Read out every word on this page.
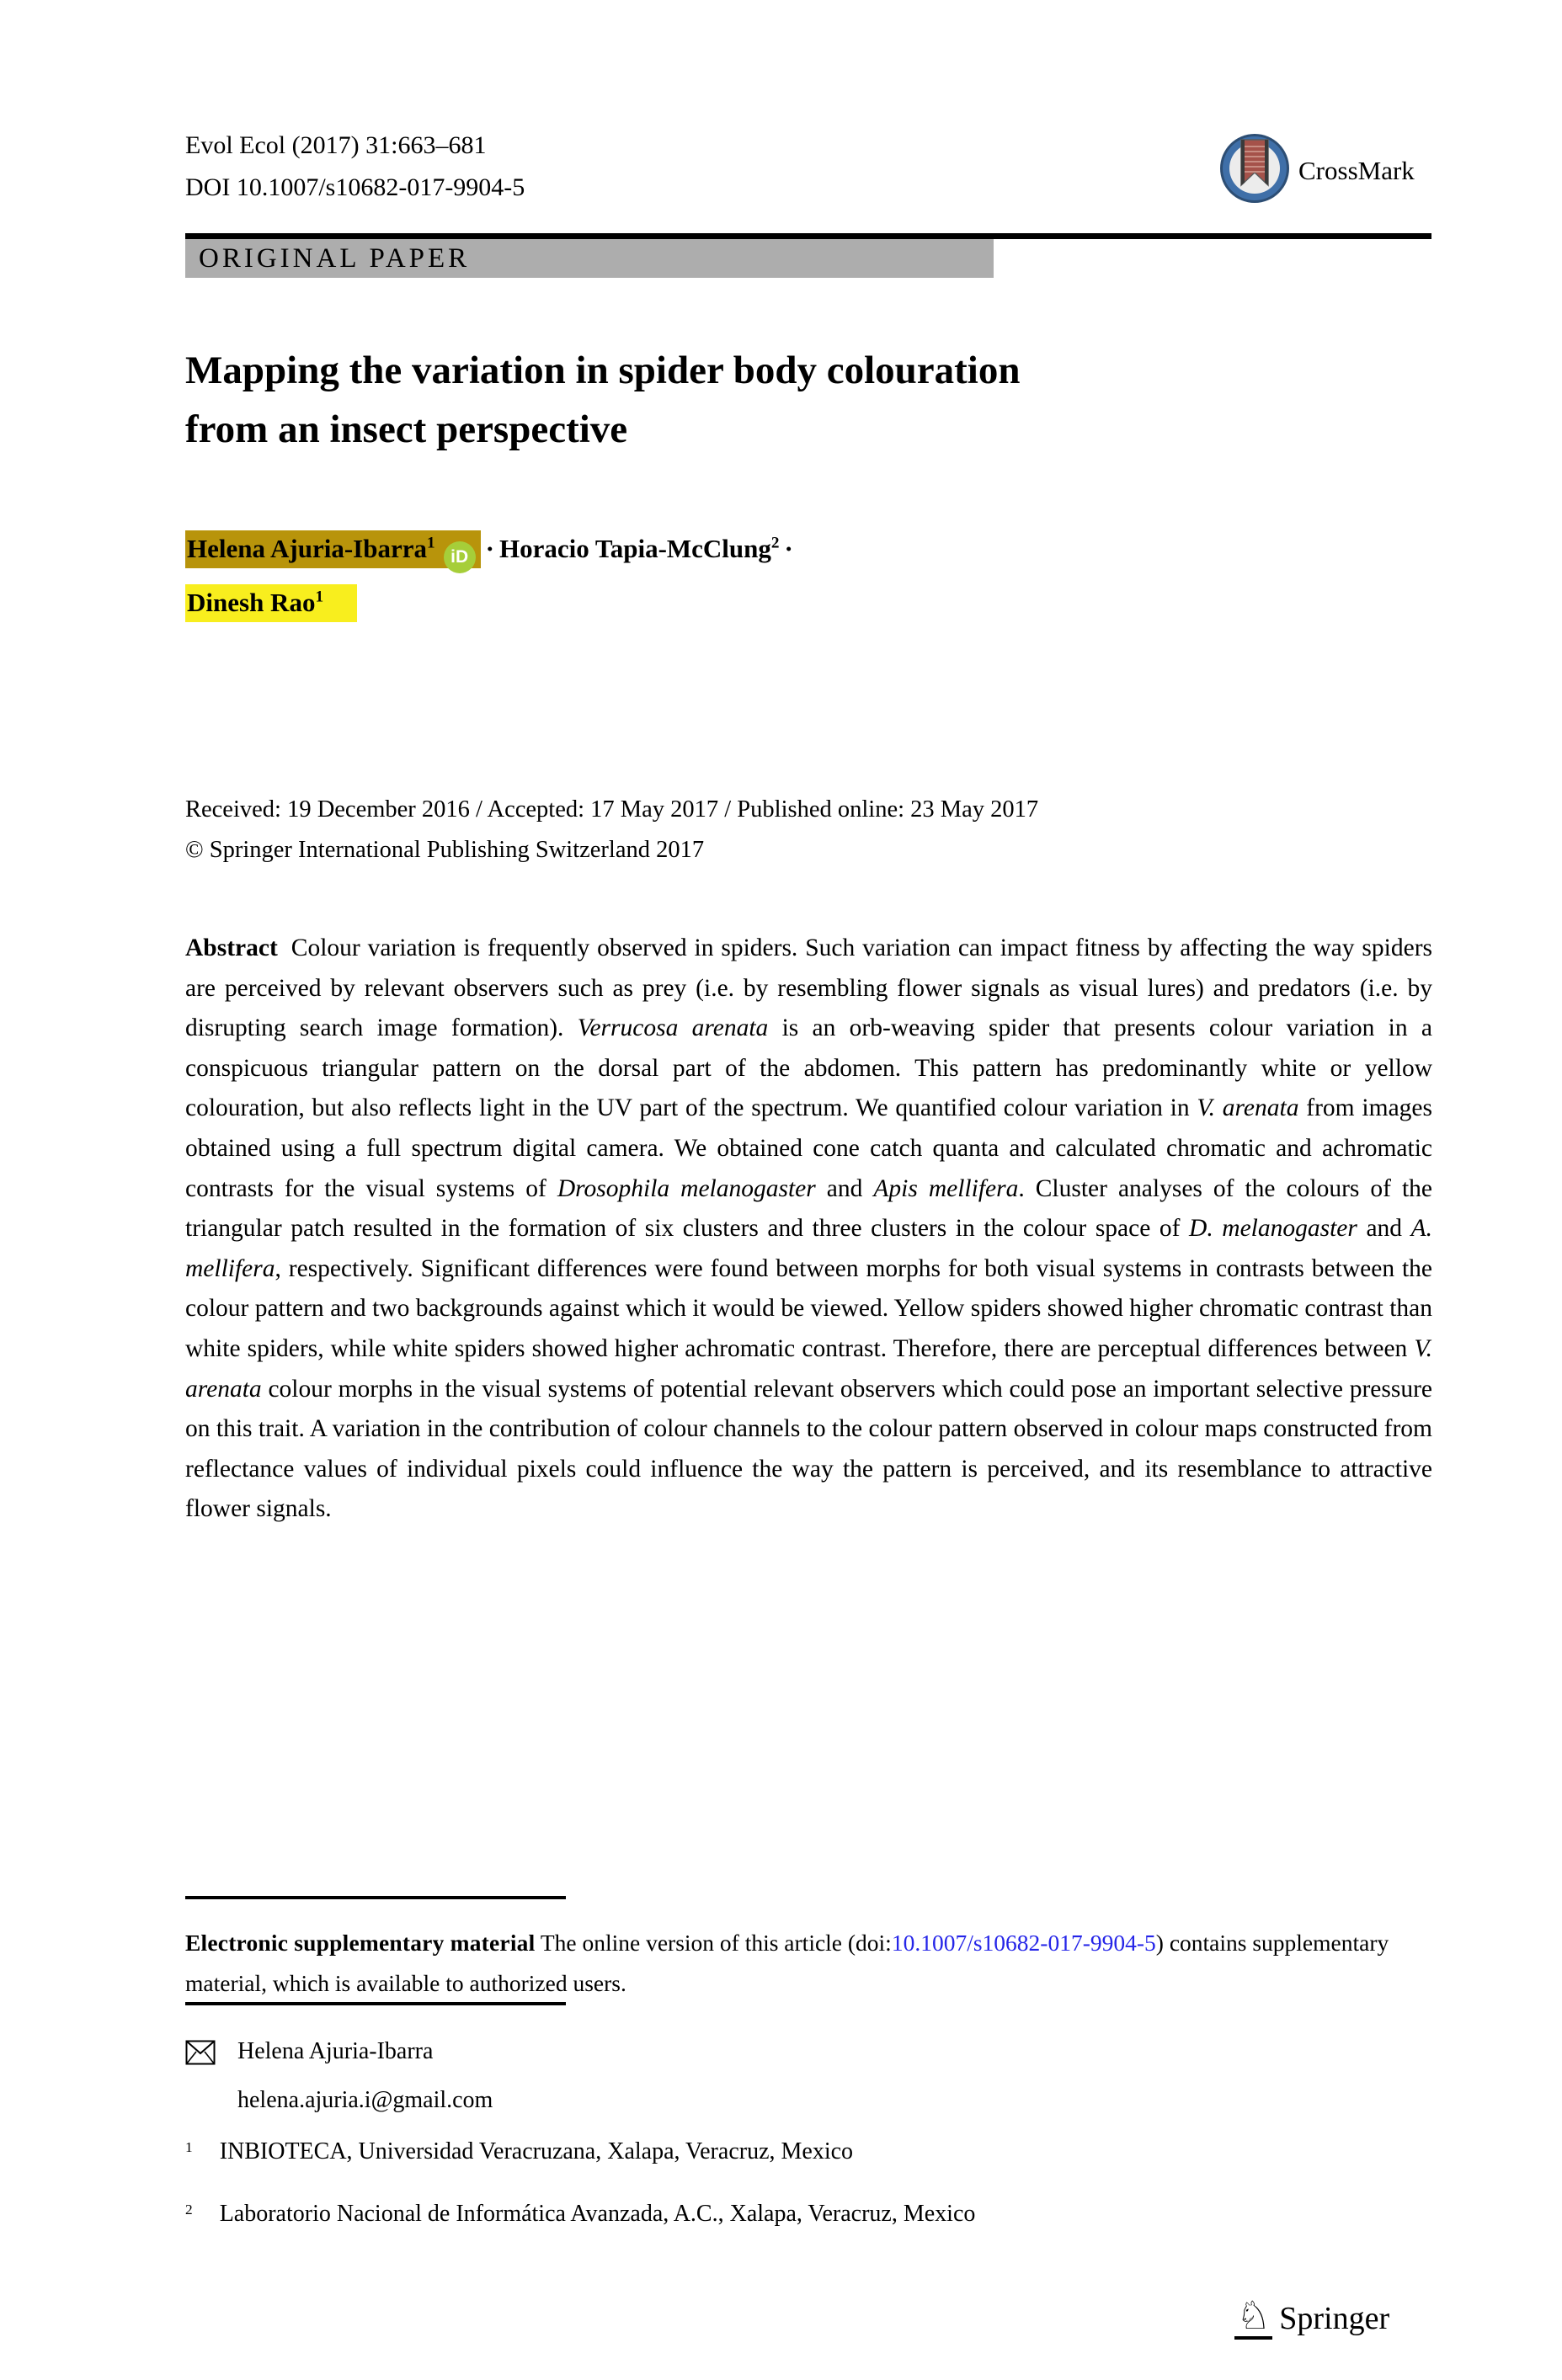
Evol Ecol (2017) 31:663–681
DOI 10.1007/s10682-017-9904-5
CrossMark
ORIGINAL PAPER
Mapping the variation in spider body colouration
from an insect perspective
Helena Ajuria-Ibarra$^1$iD · Horacio Tapia-McClung$^2$ ·
Dinesh Rao$^1$
Received: 19 December 2016 / Accepted: 17 May 2017 / Published online: 23 May 2017
© Springer International Publishing Switzerland 2017

Abstract Colour variation is frequently observed in spiders. Such variation can impact fitness by affecting the way spiders are perceived by relevant observers such as prey (i.e. by resembling flower signals as visual lures) and predators (i.e. by disrupting search image formation). Verrucosa arenata is an orb-weaving spider that presents colour variation in a conspicuous triangular pattern on the dorsal part of the abdomen. This pattern has predominantly white or yellow colouration, but also reflects light in the UV part of the spectrum. We quantified colour variation in V. arenata from images obtained using a full spectrum digital camera. We obtained cone catch quanta and calculated chromatic and achromatic contrasts for the visual systems of Drosophila melanogaster and Apis mellifera. Cluster analyses of the colours of the triangular patch resulted in the formation of six clusters and three clusters in the colour space of D. melanogaster and A. mellifera, respectively. Significant differences were found between morphs for both visual systems in contrasts between the colour pattern and two backgrounds against which it would be viewed. Yellow spiders showed higher chromatic contrast than white spiders, while white spiders showed higher achromatic contrast. Therefore, there are perceptual differences between V. arenata colour morphs in the visual systems of potential relevant observers which could pose an important selective pressure on this trait. A variation in the contribution of colour channels to the colour pattern observed in colour maps constructed from reflectance values of individual pixels could influence the way the pattern is perceived, and its resemblance to attractive flower signals.

Electronic supplementary material The online version of this article (doi:10.1007/s10682-017-9904-5) contains supplementary material, which is available to authorized users.

Helena Ajuria-Ibarra
helena.ajuria.i@gmail.com
1 INBIOTECA, Universidad Veracruzana, Xalapa, Veracruz, Mexico
2 Laboratorio Nacional de Informática Avanzada, A.C., Xalapa, Veracruz, Mexico
♘ Springer
